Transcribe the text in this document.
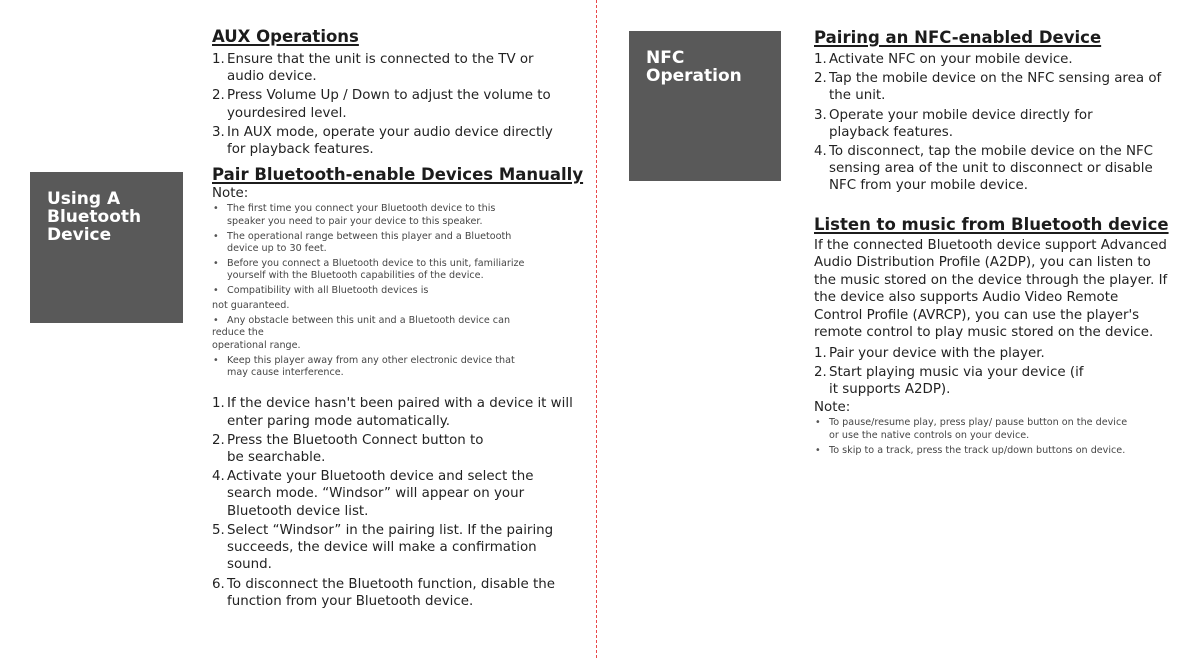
Using A
Bluetooth
Device
AUX Operations
1. Ensure that the unit is connected to the TV or audio device.
2. Press Volume Up / Down to adjust the volume to yourdesired level.
3. In AUX mode, operate your audio device directly for playback features.
Pair Bluetooth-enable Devices Manually

Note:

• The first time you connect your Bluetooth device to this
speaker you need to pair your device to this speaker.
• The operational range between this player and a Bluetooth
device up to 30 feet.
• Before you connect a Bluetooth device to this unit, familiarize
yourself with the Bluetooth capabilities of the device.
• Compatibility with all Bluetooth devices is
not guaranteed.
• Any obstacle between this unit and a Bluetooth device can
reduce the
operational range.
• Keep this player away from any other electronic device that
may cause interference.
1. If the device hasn't been paired with a device it will enter paring mode automatically.
2. Press the Bluetooth Connect button to be searchable.
4. Activate your Bluetooth device and select the search mode. “Windsor” will appear on your Bluetooth device list.
5. Select “Windsor” in the pairing list. If the pairing succeeds, the device will make a confirmation sound.
6. To disconnect the Bluetooth function, disable the function from your Bluetooth device.
NFC
Operation
Pairing an NFC-enabled Device
1. Activate NFC on your mobile device.
2. Tap the mobile device on the NFC sensing area of the unit.
3. Operate your mobile device directly for playback features.
4. To disconnect, tap the mobile device on the NFC sensing area of the unit to disconnect or disable NFC from your mobile device.
Listen to music from Bluetooth device

If the connected Bluetooth device support Advanced Audio Distribution Profile (A2DP), you can listen to the music stored on the device through the player. If the device also supports Audio Video Remote Control Profile (AVRCP), you can use the player's remote control to play music stored on the device.

1. Pair your device with the player.
2. Start playing music via your device (if it supports A2DP).

Note:

• To pause/resume play, press play/ pause button on the device
or use the native controls on your device.
• To skip to a track, press the track up/down buttons on device.
